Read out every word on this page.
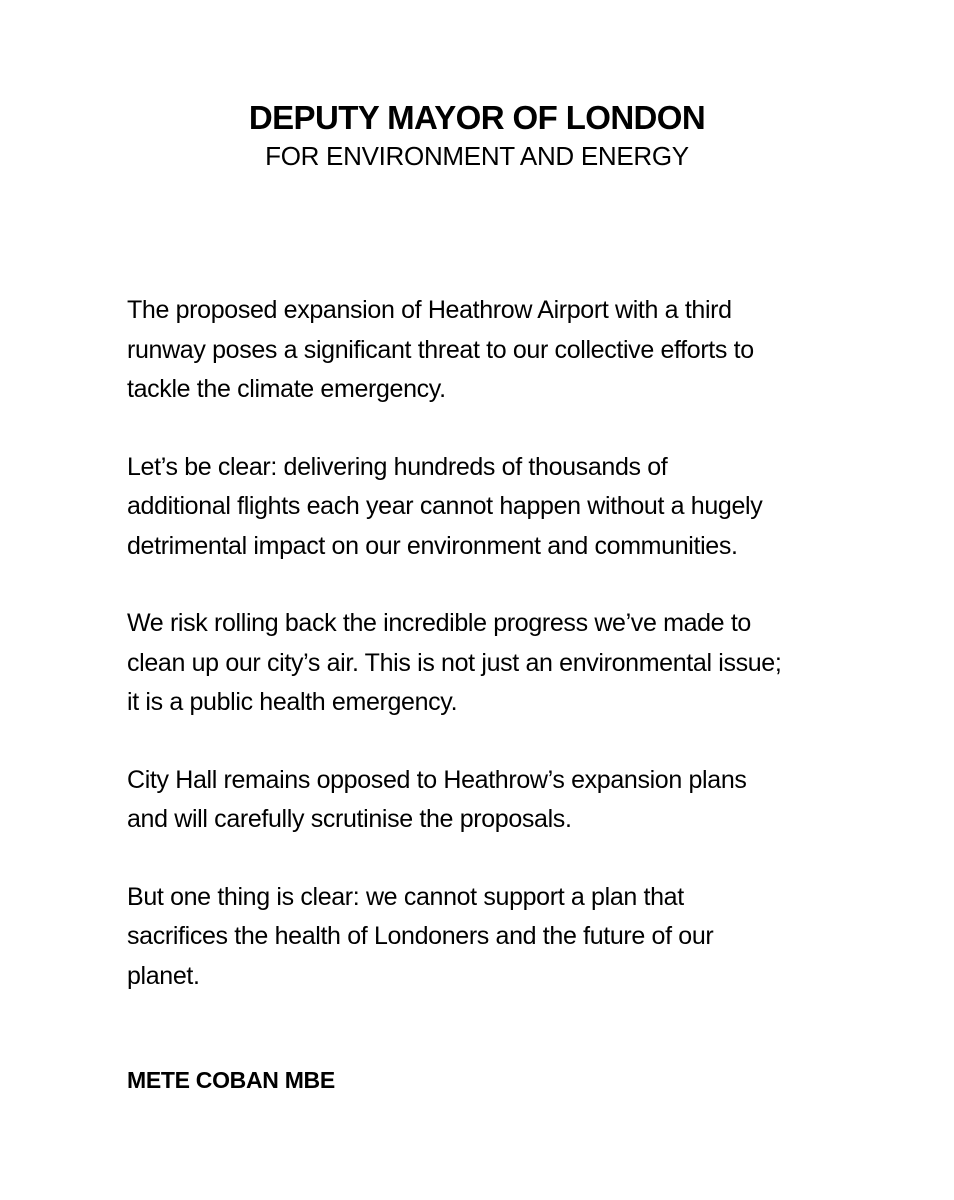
DEPUTY MAYOR OF LONDON
FOR ENVIRONMENT AND ENERGY

The proposed expansion of Heathrow Airport with a third
runway poses a significant threat to our collective efforts to
tackle the climate emergency.

Let’s be clear: delivering hundreds of thousands of
additional flights each year cannot happen without a hugely
detrimental impact on our environment and communities.

We risk rolling back the incredible progress we’ve made to
clean up our city’s air. This is not just an environmental issue;
it is a public health emergency.

City Hall remains opposed to Heathrow’s expansion plans
and will carefully scrutinise the proposals.

But one thing is clear: we cannot support a plan that
sacrifices the health of Londoners and the future of our
planet.

METE COBAN MBE
